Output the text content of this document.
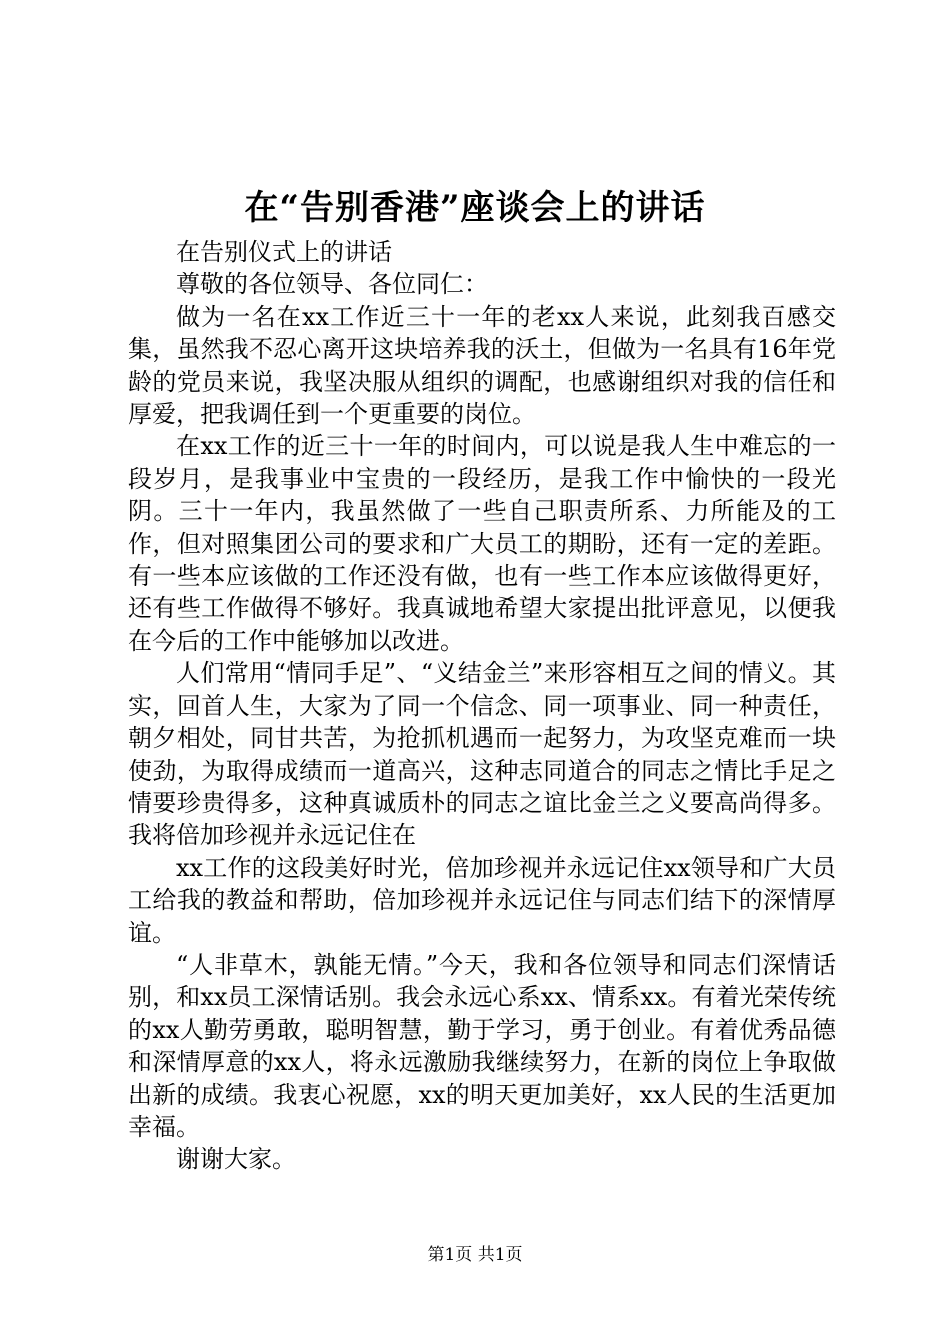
在“告别香港”座谈会上的讲话

在告别仪式上的讲话

尊敬的各位领导、各位同仁：

做为一名在xx工作近三十一年的老xx人来说，此刻我百感交集，虽然我不忍心离开这块培养我的沃土，但做为一名具有16年党龄的党员来说，我坚决服从组织的调配，也感谢组织对我的信任和厚爱，把我调任到一个更重要的岗位。

在xx工作的近三十一年的时间内，可以说是我人生中难忘的一段岁月，是我事业中宝贵的一段经历，是我工作中愉快的一段光阴。三十一年内，我虽然做了一些自己职责所系、力所能及的工作，但对照集团公司的要求和广大员工的期盼，还有一定的差距。有一些本应该做的工作还没有做，也有一些工作本应该做得更好，还有些工作做得不够好。我真诚地希望大家提出批评意见，以便我在今后的工作中能够加以改进。

人们常用“情同手足”、“义结金兰”来形容相互之间的情义。其实，回首人生，大家为了同一个信念、同一项事业、同一种责任，朝夕相处，同甘共苦，为抢抓机遇而一起努力，为攻坚克难而一块使劲，为取得成绩而一道高兴，这种志同道合的同志之情比手足之情要珍贵得多，这种真诚质朴的同志之谊比金兰之义要高尚得多。我将倍加珍视并永远记住在

xx工作的这段美好时光，倍加珍视并永远记住xx领导和广大员工给我的教益和帮助，倍加珍视并永远记住与同志们结下的深情厚谊。

“人非草木，孰能无情。”今天，我和各位领导和同志们深情话别，和xx员工深情话别。我会永远心系xx、情系xx。有着光荣传统的xx人勤劳勇敢，聪明智慧，勤于学习，勇于创业。有着优秀品德和深情厚意的xx人，将永远激励我继续努力，在新的岗位上争取做出新的成绩。我衷心祝愿，xx的明天更加美好，xx人民的生活更加幸福。

谢谢大家。

第1页 共1页
